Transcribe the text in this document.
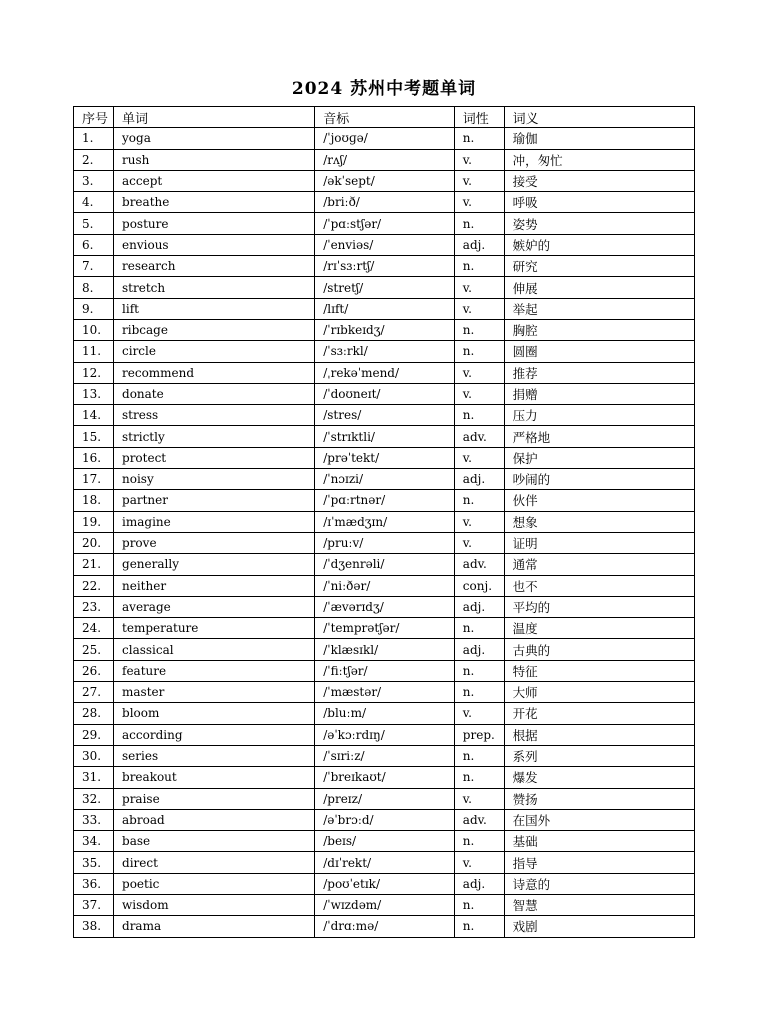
2024 苏州中考题单词
序号	单词	音标	词性	词义
1.	yoga	/ˈjoʊɡə/	n.	瑜伽
2.	rush	/rʌʃ/	v.	冲，匆忙
3.	accept	/əkˈsept/	v.	接受
4.	breathe	/briːð/	v.	呼吸
5.	posture	/ˈpɑːstʃər/	n.	姿势
6.	envious	/ˈenviəs/	adj.	嫉妒的
7.	research	/rɪˈsɜːrtʃ/	n.	研究
8.	stretch	/stretʃ/	v.	伸展
9.	lift	/lɪft/	v.	举起
10.	ribcage	/ˈrɪbkeɪdʒ/	n.	胸腔
11.	circle	/ˈsɜːrkl/	n.	圆圈
12.	recommend	/ˌrekəˈmend/	v.	推荐
13.	donate	/ˈdoʊneɪt/	v.	捐赠
14.	stress	/stres/	n.	压力
15.	strictly	/ˈstrɪktli/	adv.	严格地
16.	protect	/prəˈtekt/	v.	保护
17.	noisy	/ˈnɔɪzi/	adj.	吵闹的
18.	partner	/ˈpɑːrtnər/	n.	伙伴
19.	imagine	/ɪˈmædʒɪn/	v.	想象
20.	prove	/pruːv/	v.	证明
21.	generally	/ˈdʒenrəli/	adv.	通常
22.	neither	/ˈniːðər/	conj.	也不
23.	average	/ˈævərɪdʒ/	adj.	平均的
24.	temperature	/ˈtemprətʃər/	n.	温度
25.	classical	/ˈklæsɪkl/	adj.	古典的
26.	feature	/ˈfiːtʃər/	n.	特征
27.	master	/ˈmæstər/	n.	大师
28.	bloom	/bluːm/	v.	开花
29.	according	/əˈkɔːrdɪŋ/	prep.	根据
30.	series	/ˈsɪriːz/	n.	系列
31.	breakout	/ˈbreɪkaʊt/	n.	爆发
32.	praise	/preɪz/	v.	赞扬
33.	abroad	/əˈbrɔːd/	adv.	在国外
34.	base	/beɪs/	n.	基础
35.	direct	/dɪˈrekt/	v.	指导
36.	poetic	/poʊˈetɪk/	adj.	诗意的
37.	wisdom	/ˈwɪzdəm/	n.	智慧
38.	drama	/ˈdrɑːmə/	n.	戏剧
